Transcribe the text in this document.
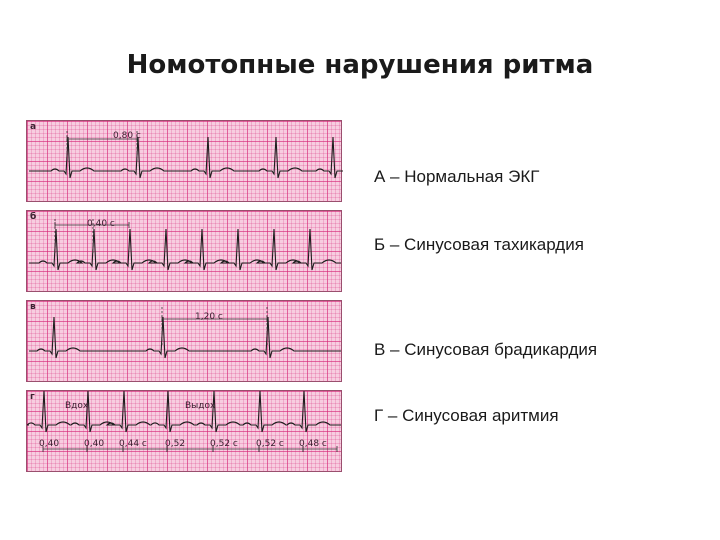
Номотопные нарушения ритма
а
0,80 с
б
0,40 с
в
1,20 с
г
Вдох	Выдох
0,40	0,40 0,44 с 0,52	0,52 с 0,52 с 0,48 с
А – Нормальная ЭКГ
Б – Синусовая тахикардия
В – Синусовая брадикардия
Г – Синусовая аритмия
